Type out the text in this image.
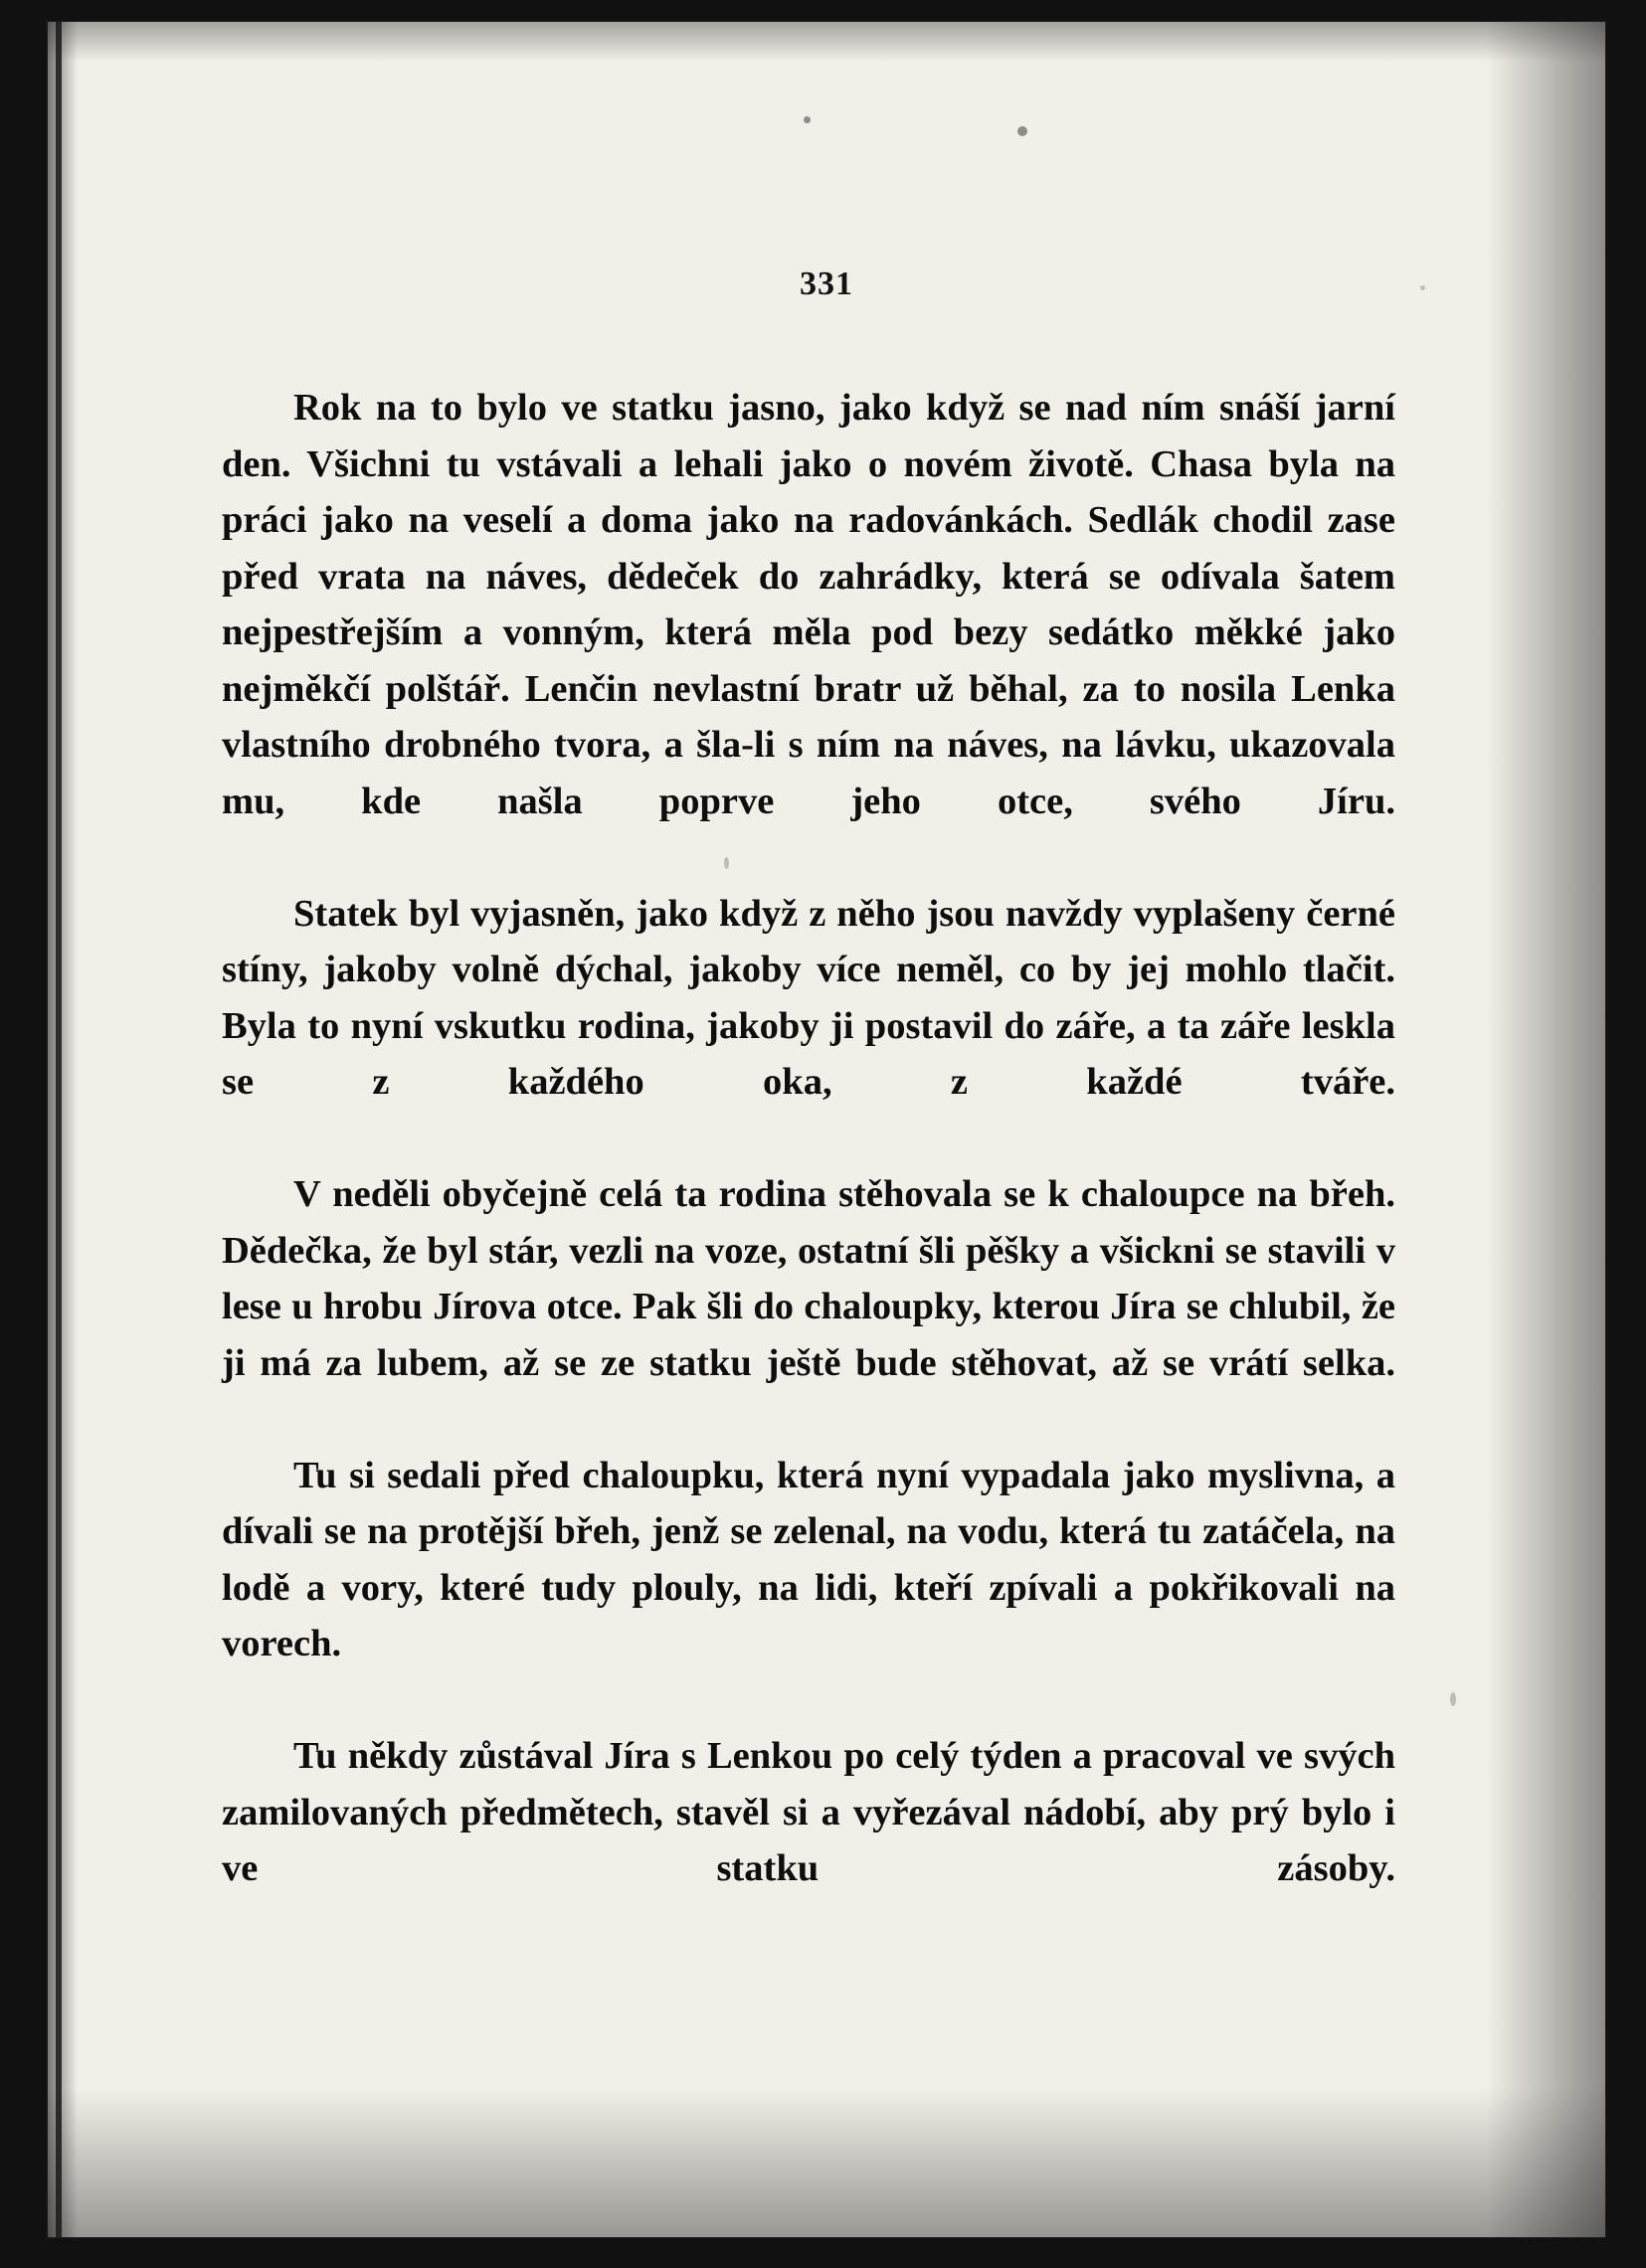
331

Rok na to bylo ve statku jasno, jako když se nad ním snáší jarní den. Všichni tu vstávali a lehali jako o novém životě. Chasa byla na práci jako na veselí a doma jako na radovánkách. Sedlák chodil zase před vrata na náves, dědeček do zahrádky, která se odívala šatem nejpestřejším a vonným, která měla pod bezy sedátko měkké jako nejměkčí polštář. Lenčin nevlastní bratr už běhal, za to nosila Lenka vlastního drobného tvora, a šla-li s ním na náves, na lávku, ukazovala mu, kde našla poprve jeho otce, svého Jíru.

Statek byl vyjasněn, jako když z něho jsou navždy vyplašeny černé stíny, jakoby volně dýchal, jakoby více neměl, co by jej mohlo tlačit. Byla to nyní vskutku rodina, jakoby ji postavil do záře, a ta záře leskla se z každého oka, z každé tváře.

V neděli obyčejně celá ta rodina stěhovala se k chaloupce na břeh. Dědečka, že byl stár, vezli na voze, ostatní šli pěšky a všickni se stavili v lese u hrobu Jírova otce. Pak šli do chaloupky, kterou Jíra se chlubil, že ji má za lubem, až se ze statku ještě bude stěhovat, až se vrátí selka.

Tu si sedali před chaloupku, která nyní vypadala jako myslivna, a dívali se na protější břeh, jenž se zelenal, na vodu, která tu zatáčela, na lodě a vory, které tudy plouly, na lidi, kteří zpívali a pokřikovali na vorech.

Tu někdy zůstával Jíra s Lenkou po celý týden a pracoval ve svých zamilovaných předmětech, stavěl si a vyřezával nádobí, aby prý bylo i ve statku zásoby.
